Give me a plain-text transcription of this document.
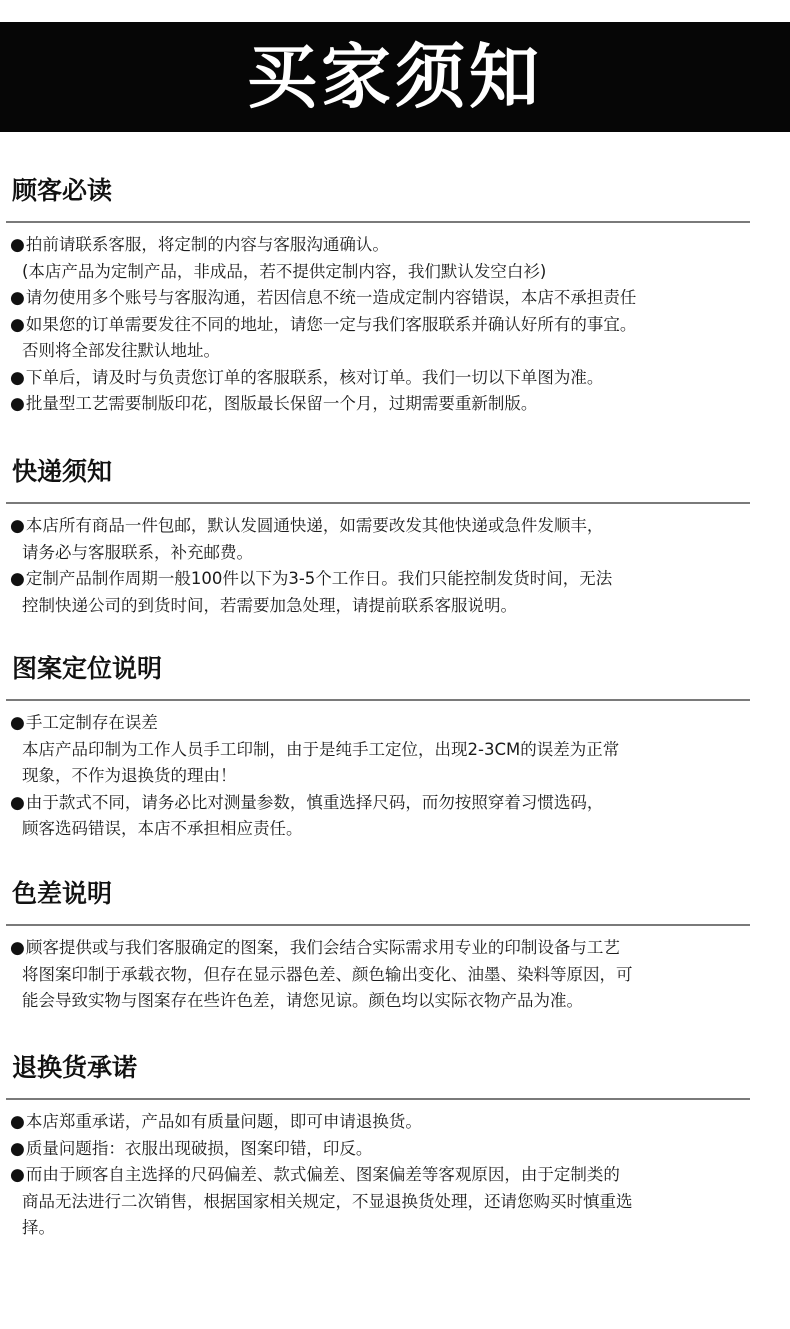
买家须知
顾客必读
●拍前请联系客服，将定制的内容与客服沟通确认。
(本店产品为定制产品，非成品，若不提供定制内容，我们默认发空白衫)
●请勿使用多个账号与客服沟通，若因信息不统一造成定制内容错误，本店不承担责任
●如果您的订单需要发往不同的地址，请您一定与我们客服联系并确认好所有的事宜。
否则将全部发往默认地址。
●下单后，请及时与负责您订单的客服联系，核对订单。我们一切以下单图为准。
●批量型工艺需要制版印花，图版最长保留一个月，过期需要重新制版。
快递须知
●本店所有商品一件包邮，默认发圆通快递，如需要改发其他快递或急件发顺丰，
请务必与客服联系，补充邮费。
●定制产品制作周期一般100件以下为3-5个工作日。我们只能控制发货时间，无法
控制快递公司的到货时间，若需要加急处理，请提前联系客服说明。
图案定位说明
●手工定制存在误差
本店产品印制为工作人员手工印制，由于是纯手工定位，出现2-3CM的误差为正常
现象，不作为退换货的理由！
●由于款式不同，请务必比对测量参数，慎重选择尺码，而勿按照穿着习惯选码，
顾客选码错误，本店不承担相应责任。
色差说明
●顾客提供或与我们客服确定的图案，我们会结合实际需求用专业的印制设备与工艺
将图案印制于承载衣物，但存在显示器色差、颜色输出变化、油墨、染料等原因，可
能会导致实物与图案存在些许色差，请您见谅。颜色均以实际衣物产品为准。
退换货承诺
●本店郑重承诺，产品如有质量问题，即可申请退换货。
●质量问题指：衣服出现破损，图案印错，印反。
●而由于顾客自主选择的尺码偏差、款式偏差、图案偏差等客观原因，由于定制类的
商品无法进行二次销售，根据国家相关规定，不显退换货处理，还请您购买时慎重选
择。
